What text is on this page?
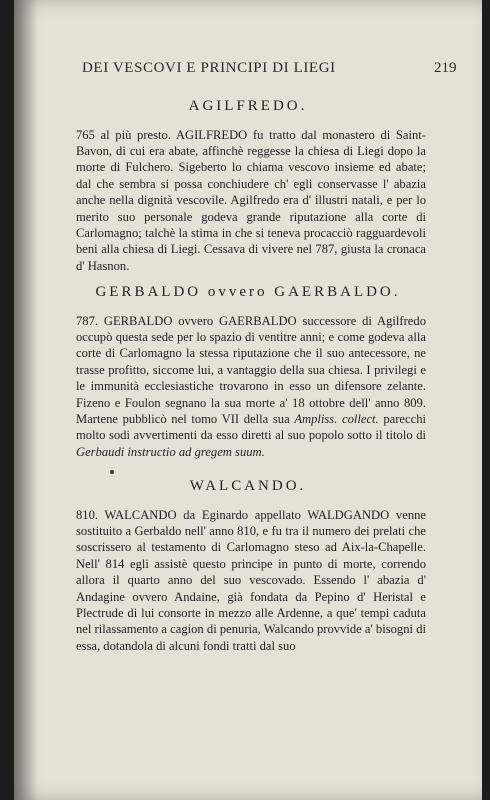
DEI VESCOVI E PRINCIPI DI LIEGI	219
AGILFREDO.

765 al più presto. AGILFREDO fu tratto dal monastero di Saint-Bavon, di cui era abate, affinchè reggesse la chiesa di Liegi dopo la morte di Fulchero. Sigeberto lo chiama vescovo insieme ed abate; dal che sembra si possa conchiudere ch' egli conservasse l' abazia anche nella dignità vescovile. Agilfredo era d' illustri natali, e per lo merito suo personale godeva grande riputazione alla corte di Carlomagno; talchè la stima in che si teneva procacciò ragguardevoli beni alla chiesa di Liegi. Cessava di vivere nel 787, giusta la cronaca d' Hasnon.

GERBALDO ovvero GAERBALDO.

787. GERBALDO ovvero GAERBALDO successore di Agilfredo occupò questa sede per lo spazio di ventitre anni; e come godeva alla corte di Carlomagno la stessa riputazione che il suo antecessore, ne trasse profitto, siccome lui, a vantaggio della sua chiesa. I privilegi e le immunità ecclesiastiche trovarono in esso un difensore zelante. Fizeno e Foulon segnano la sua morte a' 18 ottobre dell' anno 809. Martene pubblicò nel tomo VII della sua Ampliss. collect. parecchi molto sodi avvertimenti da esso diretti al suo popolo sotto il titolo di Gerbaudi instructio ad gregem suum.

WALCANDO.

810. WALCANDO da Eginardo appellato WALDGANDO venne sostituito a Gerbaldo nell' anno 810, e fu tra il numero dei prelati che soscrissero al testamento di Carlomagno steso ad Aix-la-Chapelle. Nell' 814 egli assistè questo principe in punto di morte, correndo allora il quarto anno del suo vescovado. Essendo l' abazia d' Andagine ovvero Andaine, già fondata da Pepino d' Heristal e Plectrude di lui consorte in mezzo alle Ardenne, a que' tempi caduta nel rilassamento a cagion di penuria, Walcando provvide a' bisogni di essa, dotandola di alcuni fondi tratti dal suo
